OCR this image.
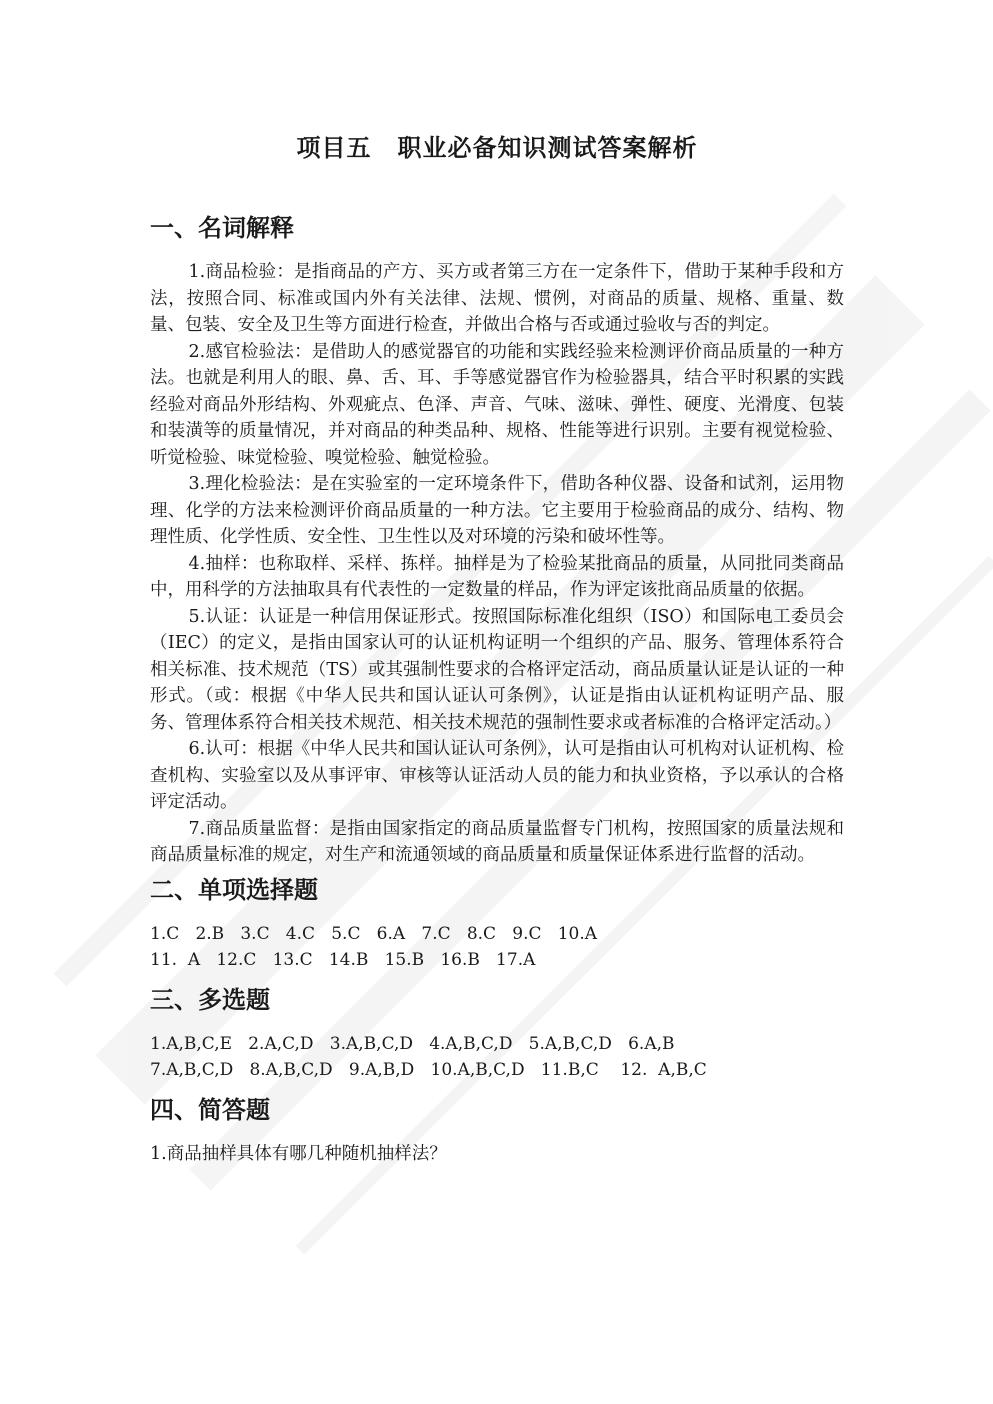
项目五 职业必备知识测试答案解析
一、名词解释

1.商品检验：是指商品的产方、买方或者第三方在一定条件下，借助于某种手段和方法，按照合同、标准或国内外有关法律、法规、惯例，对商品的质量、规格、重量、数量、包装、安全及卫生等方面进行检查，并做出合格与否或通过验收与否的判定。

2.感官检验法：是借助人的感觉器官的功能和实践经验来检测评价商品质量的一种方法。也就是利用人的眼、鼻、舌、耳、手等感觉器官作为检验器具，结合平时积累的实践经验对商品外形结构、外观疵点、色泽、声音、气味、滋味、弹性、硬度、光滑度、包装和装潢等的质量情况，并对商品的种类品种、规格、性能等进行识别。主要有视觉检验、听觉检验、味觉检验、嗅觉检验、触觉检验。

3.理化检验法：是在实验室的一定环境条件下，借助各种仪器、设备和试剂，运用物理、化学的方法来检测评价商品质量的一种方法。它主要用于检验商品的成分、结构、物理性质、化学性质、安全性、卫生性以及对环境的污染和破坏性等。

4.抽样：也称取样、采样、拣样。抽样是为了检验某批商品的质量，从同批同类商品中，用科学的方法抽取具有代表性的一定数量的样品，作为评定该批商品质量的依据。

5.认证：认证是一种信用保证形式。按照国际标准化组织（ISO）和国际电工委员会（IEC）的定义，是指由国家认可的认证机构证明一个组织的产品、服务、管理体系符合相关标准、技术规范（TS）或其强制性要求的合格评定活动，商品质量认证是认证的一种形式。（或：根据《中华人民共和国认证认可条例》，认证是指由认证机构证明产品、服务、管理体系符合相关技术规范、相关技术规范的强制性要求或者标准的合格评定活动。）

6.认可：根据《中华人民共和国认证认可条例》，认可是指由认可机构对认证机构、检查机构、实验室以及从事评审、审核等认证活动人员的能力和执业资格，予以承认的合格评定活动。

7.商品质量监督：是指由国家指定的商品质量监督专门机构，按照国家的质量法规和商品质量标准的规定，对生产和流通领域的商品质量和质量保证体系进行监督的活动。

二、单项选择题

1.C   2.B   3.C   4.C   5.C   6.A   7.C   8.C   9.C   10.A

11.  A   12.C   13.C   14.B   15.B   16.B   17.A

三、多选题

1.A,B,C,E   2.A,C,D   3.A,B,C,D   4.A,B,C,D   5.A,B,C,D   6.A,B

7.A,B,C,D   8.A,B,C,D   9.A,B,D   10.A,B,C,D   11.B,C    12.  A,B,C

四、简答题

1.商品抽样具体有哪几种随机抽样法？
